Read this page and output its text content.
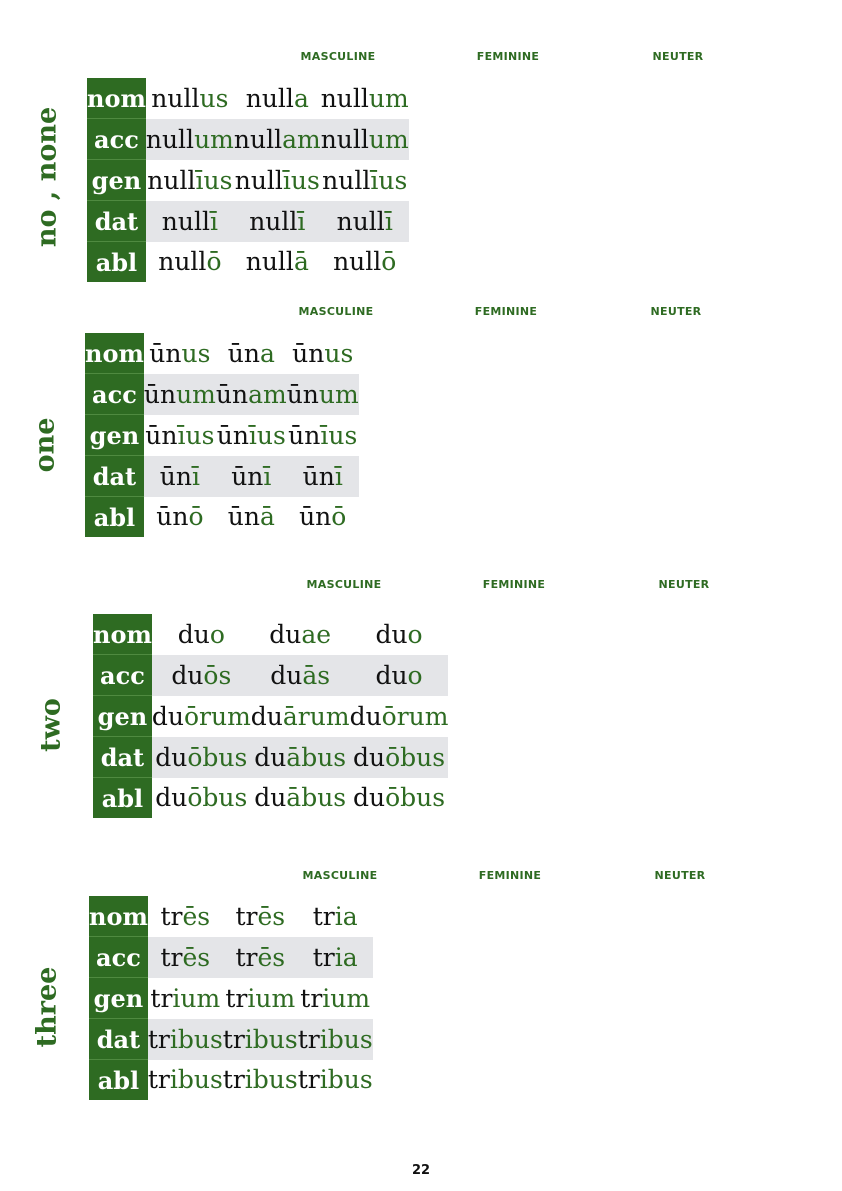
no , none
MASCULINE	FEMININE	NEUTER
nom	nullus	nulla	nullum
acc	nullum	nullam	nullum
gen	nullīus	nullīus	nullīus
dat	nullī	nullī	nullī
abl	nullō	nullā	nullō
one
MASCULINE	FEMININE	NEUTER
nom	ūnus	ūna	ūnus
acc	ūnum	ūnam	ūnum
gen	ūnīus	ūnīus	ūnīus
dat	ūnī	ūnī	ūnī
abl	ūnō	ūnā	ūnō
two
MASCULINE	FEMININE	NEUTER
nom	duo	duae	duo
acc	duōs	duās	duo
gen	duōrum	duārum	duōrum
dat	duōbus	duābus	duōbus
abl	duōbus	duābus	duōbus
three
MASCULINE	FEMININE	NEUTER
nom	trēs	trēs	tria
acc	trēs	trēs	tria
gen	trium	trium	trium
dat	tribus	tribus	tribus
abl	tribus	tribus	tribus
22
